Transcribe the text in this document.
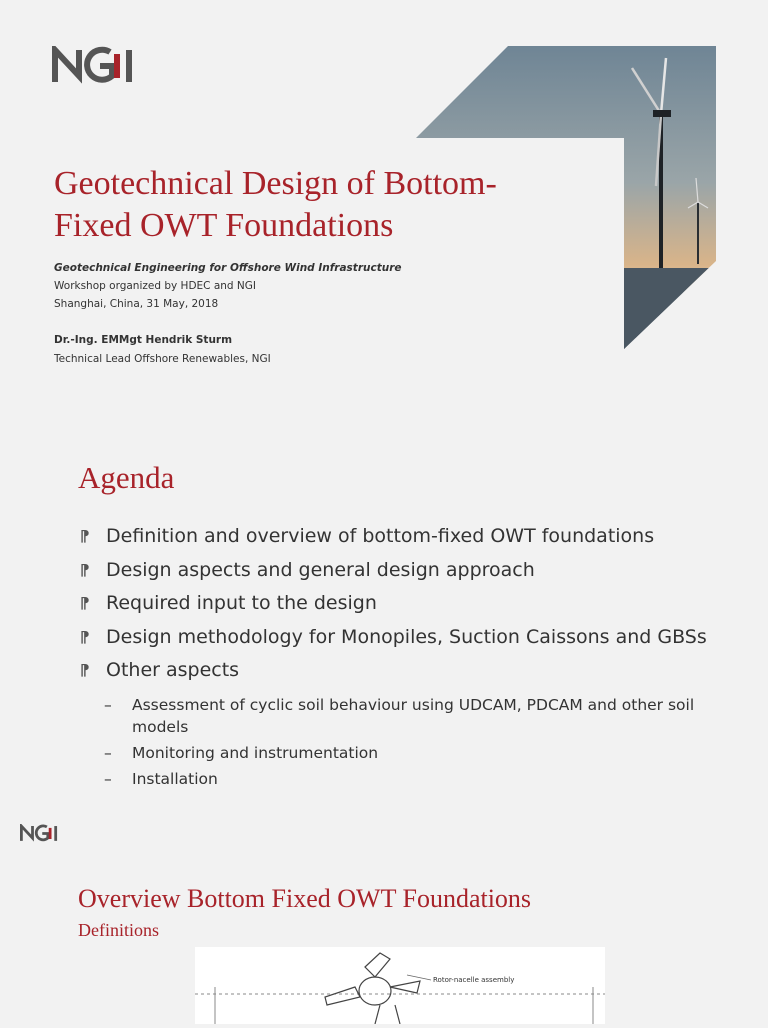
Geotechnical Design of Bottom-Fixed OWT Foundations

Geotechnical Engineering for Offshore Wind Infrastructure

Workshop organized by HDEC and NGI

Shanghai, China, 31 May, 2018

Dr.-Ing. EMMgt Hendrik Sturm

Technical Lead Offshore Renewables, NGI

Agenda
⁋ Definition and overview of bottom-fixed OWT foundations
⁋ Design aspects and general design approach
⁋ Required input to the design
⁋ Design methodology for Monopiles, Suction Caissons and GBSs
⁋ Other aspects
– Assessment of cyclic soil behaviour using UDCAM, PDCAM and other soil models
– Monitoring and instrumentation
– Installation
Overview Bottom Fixed OWT Foundations
Definitions
Rotor-nacelle assembly
